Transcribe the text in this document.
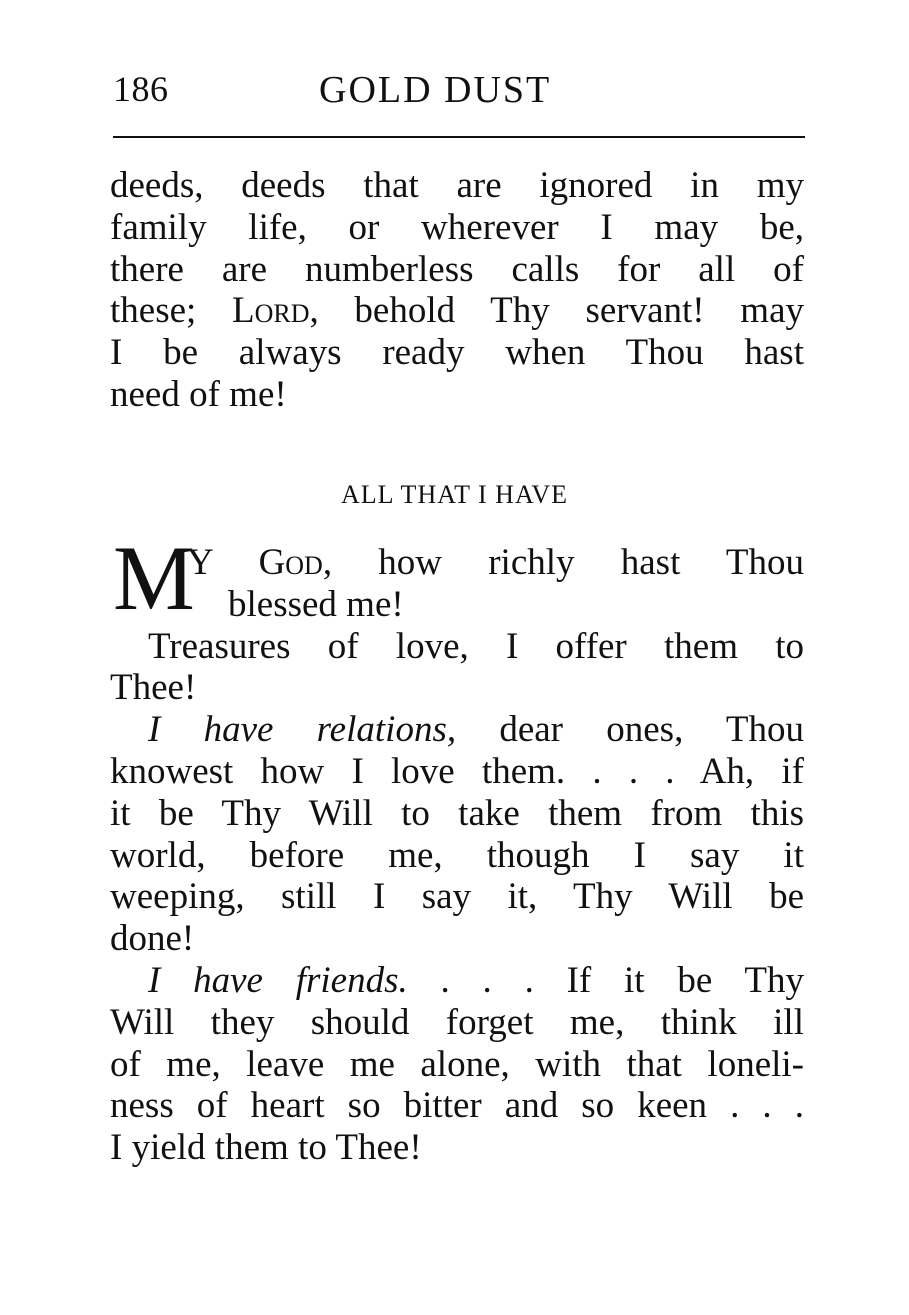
186	GOLD DUST
deeds, deeds that are ignored in my
family life, or wherever I may be,
there are numberless calls for all of
these; Lord, behold Thy servant! may
I be always ready when Thou hast
need of me!
ALL THAT I HAVE
M
Y God, how richly hast Thou
blessed me!
Treasures of love, I offer them to
Thee!
I have relations, dear ones, Thou
knowest how I love them. . . . Ah, if
it be Thy Will to take them from this
world, before me, though I say it
weeping, still I say it, Thy Will be
done!
I have friends. . . . If it be Thy
Will they should forget me, think ill
of me, leave me alone, with that loneli-
ness of heart so bitter and so keen . . .
I yield them to Thee!
